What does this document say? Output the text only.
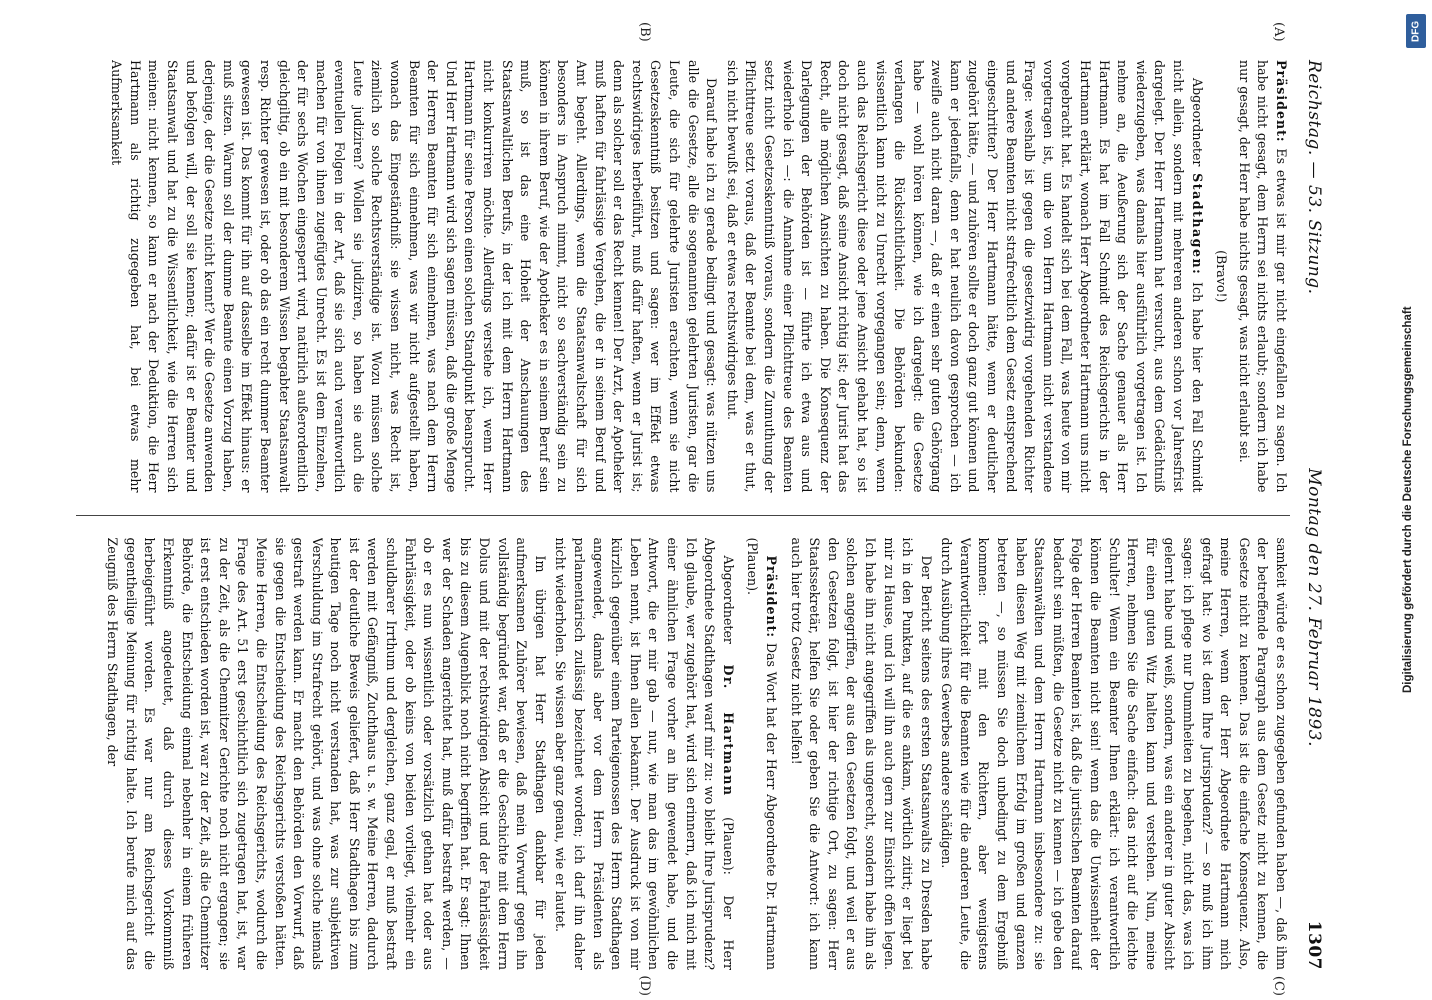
Reichstag. — 53. Sitzung.
Montag den 27. Februar 1893.
1307
(A)
(B)
(C)
(D)

Präsident: Es etwas ist mir gar nicht eingefallen zu sagen. Ich habe nicht gesagt, dem Herrn sei nichts erlaubt; sondern ich habe nur gesagt, der Herr habe nichts gesagt, was nicht erlaubt sei.

(Bravo!)

Abgeordneter Stadthagen: Ich habe hier den Fall Schmidt nicht allein, sondern mit mehreren anderen schon vor Jahresfrist dargelegt. Der Herr Hartmann hat versucht, aus dem Gedächtniß wiederzugeben, was damals hier ausführlich vorgetragen ist. Ich nehme an, die Aeußerung sich der Sache genauer als Herr Hartmann. Es hat im Fall Schmidt des Reichsgerichts in der Hartmann erklärt, wonach Herr Abgeordneter Hartmann uns nicht vorgebracht hat. Es handelt sich bei dem Fall, was heute von mir vorgetragen ist, um die von Herrn Hartmann nicht verstandene Frage: weshalb ist gegen die gesetzwidrig vorgehenden Richter und andere Beamten nicht strafrechtlich dem Gesetz entsprechend eingeschritten? Der Herr Hartmann hätte, wenn er deutlicher zugehört hätte, — und zuhören sollte er doch ganz gut können und kann er jedenfalls, denn er hat neulich davon gesprochen — ich zweifle auch nicht daran —, daß er einen sehr guten Gehörgang habe — wohl hören können, wie ich dargelegt: die Gesetze verlangen die Rücksichtlichkeit. Die Behörden bekunden: wissentlich kann nicht zu Unrecht vorgegangen sein; denn, wenn auch das Reichsgericht diese oder jene Ansicht gehabt hat, so ist doch nicht gesagt, daß seine Ansicht richtig ist; der Jurist hat das Recht, alle möglichen Ansichten zu haben. Die Konsequenz der Darlegungen der Behörden ist — führte ich etwa aus und wiederhole ich —: die Annahme einer Pflichttreue des Beamten setzt nicht Gesetzeskenntniß voraus, sondern die Zumuthung der Pflichttreue setzt voraus, daß der Beamte bei dem, was er thut, sich nicht bewußt sei, daß er etwas rechtswidriges thut.

Darauf habe ich zu gerade bedingt und gesagt: was nützen uns alle die Gesetze, alle die sogenannten gelehrten Juristen, gar die Leute, die sich für gelehrte Juristen erachten, wenn sie nicht Gesetzeskenntniß besitzen und sagen: wer im Effekt etwas rechtswidriges herbeiführt, muß dafür haften, wenn er Jurist ist; denn als solcher soll er das Recht kennen! Der Arzt, der Apotheker muß haften für fahrlässige Vergehen, die er in seinem Beruf und Amt begeht. Allerdings, wenn die Staatsanwaltschaft für sich besonders in Anspruch nimmt, nicht so sachverständig sein zu können in ihrem Beruf, wie der Apotheker es in seinem Beruf sein muß, so ist das eine Hoheit der Anschauungen des Staatsanwaltlichen Berufs, in der ich mit dem Herrn Hartmann nicht konkurriren möchte. Allerdings verstehe ich, wenn Herr Hartmann für seine Person einen solchen Standpunkt beansprucht. Und Herr Hartmann wird sich sagen müssen, daß die große Menge der Herren Beamten für sich einnehmen, was nach dem Herrn Beamten für sich einnehmen, was wir nicht aufgestellt haben, wonach das Eingeständniß: sie wissen nicht, was Recht ist, ziemlich so solche Rechtsverständige ist. Wozu müssen solche Leute judiziren? Wollen sie judiziren, so haben sie auch die eventuellen Folgen in der Art, daß sie sich auch verantwortlich machen für von ihnen zugefügtes Unrecht. Es ist dem Einzelnen, der für sechs Wochen eingesperrt wird, natürlich außerordentlich gleichgiltig, ob ein mit besonderem Wissen begabter Staatsanwalt resp. Richter gewesen ist, oder ob das ein recht dummer Beamter gewesen ist. Das kommt für ihn auf dasselbe im Effekt hinaus: er muß sitzen. Warum soll der dumme Beamte einen Vorzug haben, derjenige, der die Gesetze nicht kennt? Wer die Gesetze anwenden und befolgen will, der soll sie kennen; dafür ist er Beamter und Staatsanwalt und hat zu die Wissentlichkeit, wie die Herren sich meinen: nicht kennen, so kann er nach der Deduktion, die Herr Hartmann als richtig zugegeben hat, bei etwas mehr Aufmerksamkeit

samkeit würde er es schon zugegeben gefunden haben —, daß ihm der betreffende Paragraph aus dem Gesetz nicht zu kennen, die Gesetze nicht zu kennen. Das ist die einfache Konsequenz. Also, meine Herren, wenn der Herr Abgeordnete Hartmann mich gefragt hat: wo ist denn Ihre Jurisprudenz? — so muß ich ihm sagen: ich pflege nur Dummheiten zu begehen, nicht das, was ich gelernt habe und weiß, sondern, was ein anderer in guter Absicht für einen guten Witz halten kann und verstehen. Nun, meine Herren, nehmen Sie die Sache einfach: das nicht auf die leichte Schulter! Wenn ein Beamter Ihnen erklärt: ich verantwortlich können die Beamten nicht sein! wenn das die Unwissenheit der Folge der Herren Beamten ist, daß die juristischen Beamten darauf bedacht sein müßten, die Gesetze nicht zu kennen — ich gebe den Staatsanwälten und dem Herrn Hartmann insbesondere zu: sie haben diesen Weg mit ziemlichem Erfolg im großen und ganzen betreten —, so müssen Sie doch unbedingt zu dem Ergebniß kommen: fort mit den Richtern, aber wenigstens Verantwortlichkeit für die Beamten wie für die anderen Leute, die durch Ausübung ihres Gewerbes andere schädigen.

Der Bericht seitens des ersten Staatsanwalts zu Dresden habe ich in den Punkten, auf die es ankam, wörtlich zitirt; er liegt bei mir zu Hause, und ich will ihn auch gern zur Einsicht offen legen. Ich habe ihn nicht angegriffen als ungerecht, sondern habe ihn als solchen angegriffen, der aus den Gesetzen folgt, und weil er aus den Gesetzen folgt, ist hier der richtige Ort, zu sagen: Herr Staatssekretär, helfen Sie oder geben Sie die Antwort: ich kann auch hier trotz Gesetz nicht helfen!

Präsident: Das Wort hat der Herr Abgeordnete Dr. Hartmann (Plauen).

Abgeordneter Dr. Hartmann (Plauen): Der Herr Abgeordnete Stadthagen warf mir zu: wo bleibt Ihre Jurisprudenz? Ich glaube, wer zugehört hat, wird sich erinnern, daß ich mich mit einer ähnlichen Frage vorher an ihn gewendet habe, und die Antwort, die er mir gab — nur, wie man das im gewöhnlichen Leben nennt, ist Ihnen allen bekannt. Der Ausdruck ist von mir kürzlich gegenüber einem Parteigenossen des Herrn Stadthagen angewendet, damals aber vor dem Herrn Präsidenten als parlamentarisch zulässig bezeichnet worden; ich darf ihn daher nicht wiederholen. Sie wissen aber ganz genau, wie er lautet.

Im übrigen hat Herr Stadthagen dankbar für jeden aufmerksamen Zuhörer bewiesen, daß mein Vorwurf gegen ihn vollständig begründet war, daß er die Geschichte mit dem Herrn Dolus und mit der rechtswidrigen Absicht und der Fahrlässigkeit bis zu diesem Augenblick noch nicht begriffen hat. Er sagt: Ihnen wer der Schaden angerichtet hat, muß dafür bestraft werden, — ob er es nun wissentlich oder vorsätzlich gethan hat oder aus Fahrlässigkeit, oder ob keins von beiden vorliegt, vielmehr ein schuldbarer Irrthum und dergleichen, ganz egal, er muß bestraft werden mit Gefängniß, Zuchthaus u. s. w. Meine Herren, dadurch ist der deutliche Beweis geliefert, daß Herr Stadthagen bis zum heutigen Tage noch nicht verstanden hat, was zur subjektiven Verschuldung im Strafrecht gehört, und was ohne solche niemals gestraft werden kann. Er macht den Behörden den Vorwurf, daß sie gegen die Entscheidung des Reichsgerichts verstoßen hätten. Meine Herren, die Entscheidung des Reichsgerichts, wodurch die Frage des Art. 51 erst geschichtlich sich zugetragen hat, ist, war zu der Zeit, als die Chemnitzer Gerichte noch nicht ergangen; sie ist erst entschieden worden ist, war zu der Zeit, als die Chemnitzer Behörde, die Entscheidung einmal nebenher in einem früheren Erkenntniß angedeutet, daß durch dieses Vorkommniß herbeigeführt worden. Es war nur am Reichsgericht die gegentheilige Meinung für richtig halte. Ich berufe mich auf das Zeugniß des Herrn Stadthagen, der

DFG
Digitalisierung gefördert durch die Deutsche Forschungsgemeinschaft
